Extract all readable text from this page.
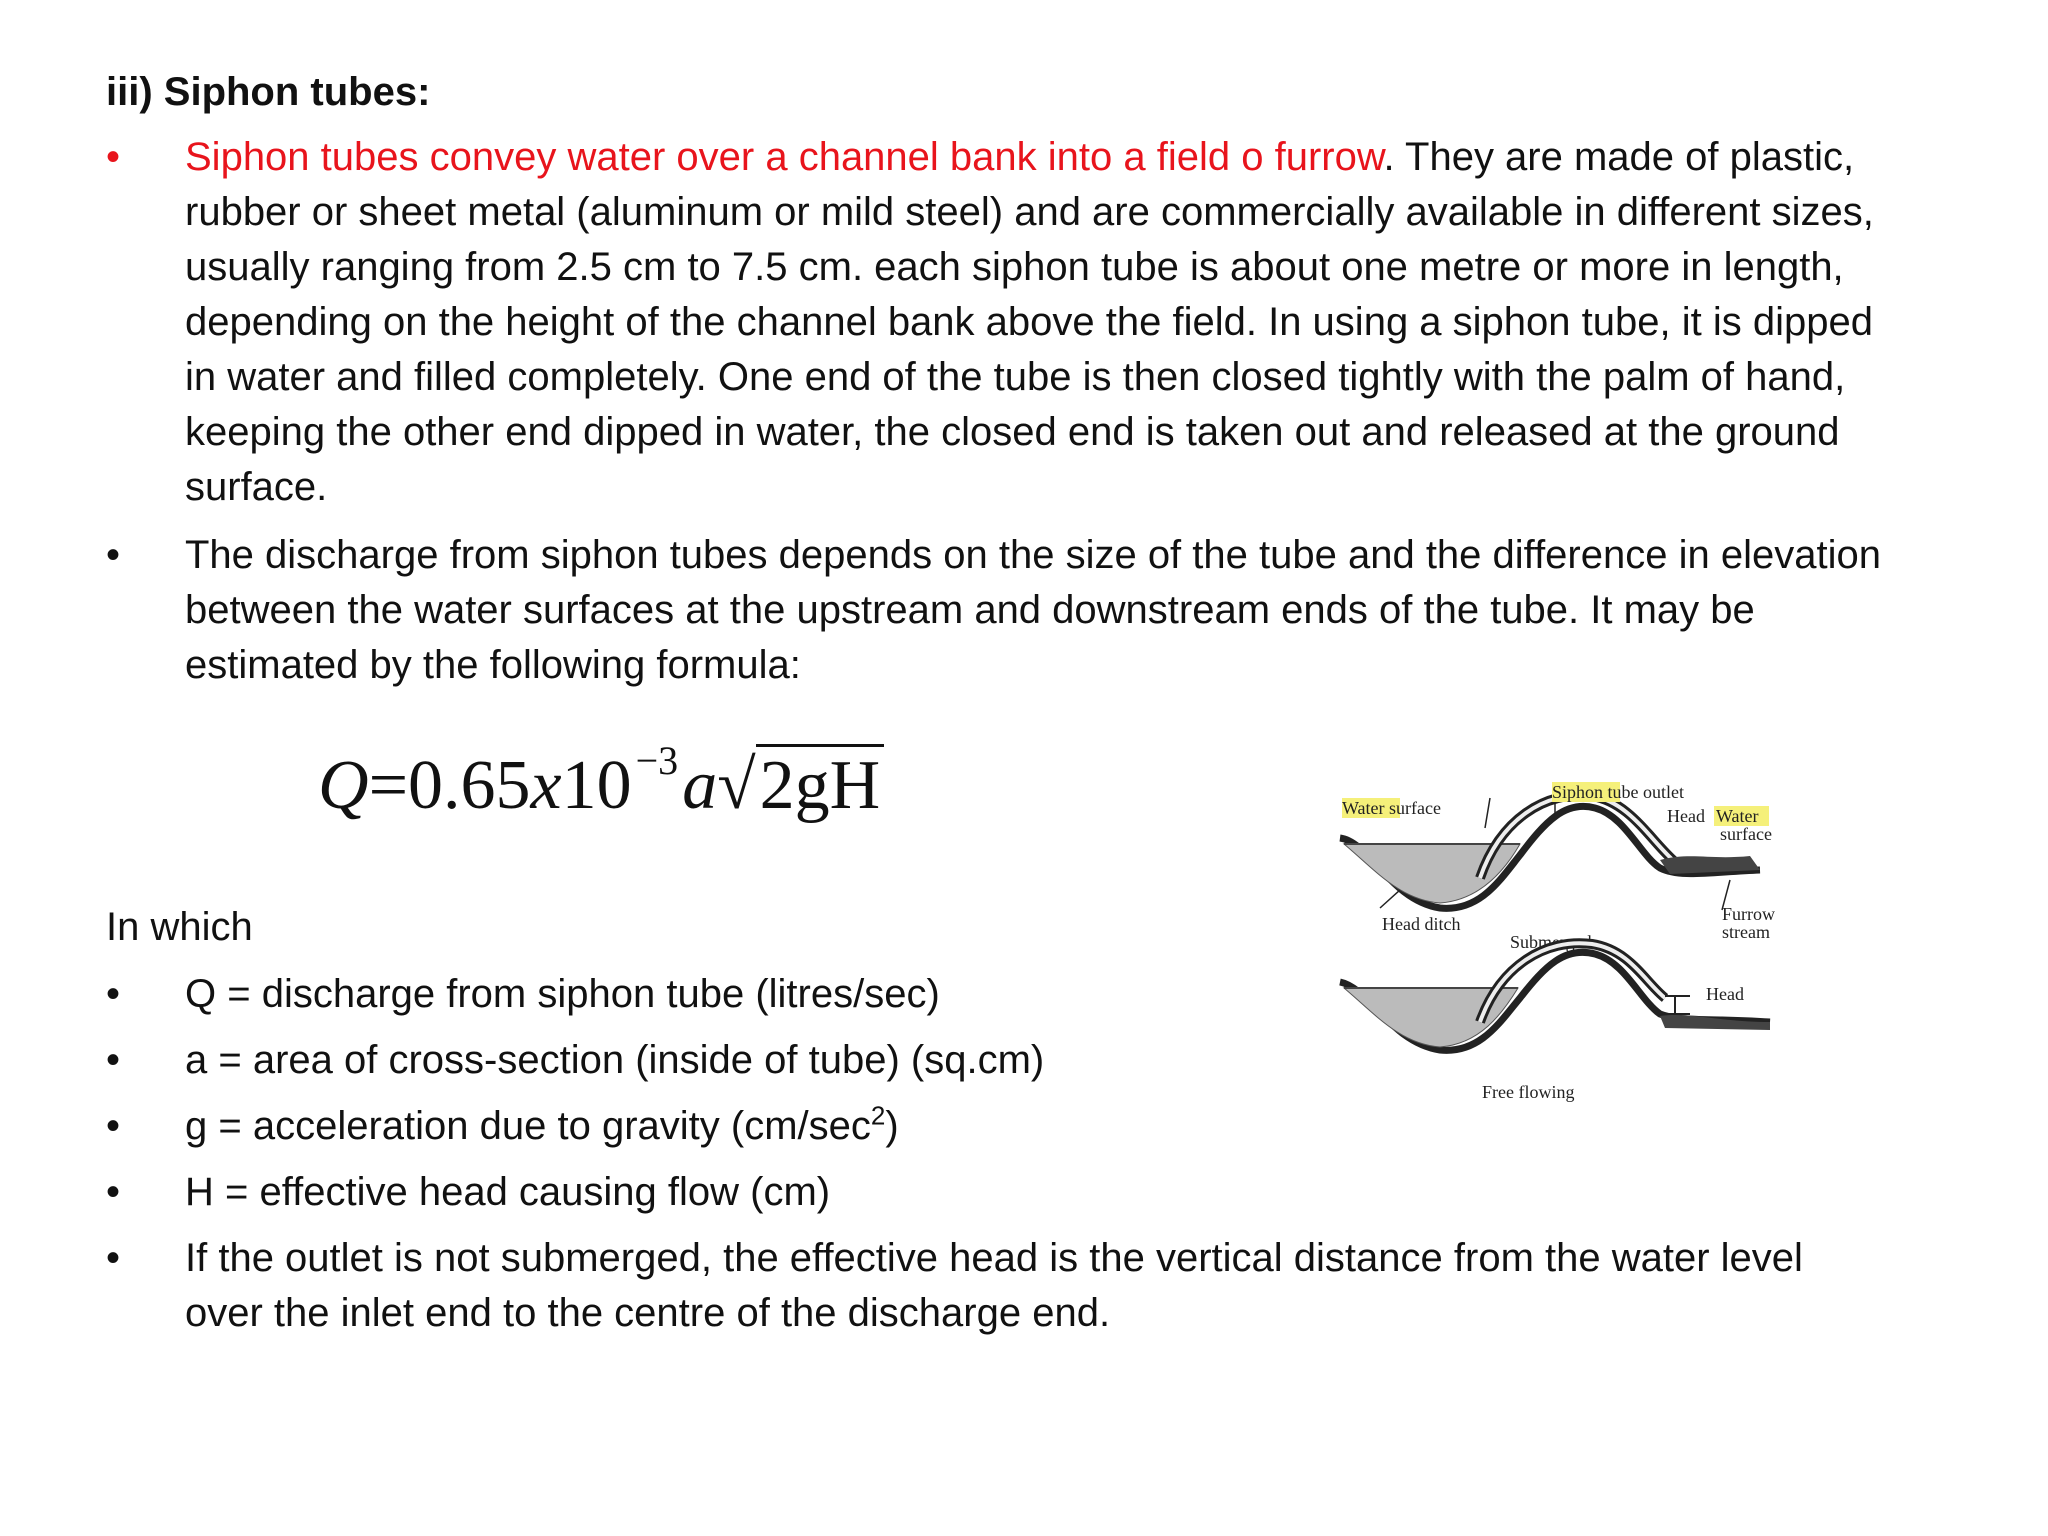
iii) Siphon tubes:
• Siphon tubes convey water over a channel bank into a field o furrow. They are made of plastic,
rubber or sheet metal (aluminum or mild steel) and are commercially available in different sizes,
usually ranging from 2.5 cm to 7.5 cm. each siphon tube is about one metre or more in length,
depending on the height of the channel bank above the field. In using a siphon tube, it is dipped
in water and filled completely. One end of the tube is then closed tightly with the palm of hand,
keeping the other end dipped in water, the closed end is taken out and released at the ground
surface.
• The discharge from siphon tubes depends on the size of the tube and the difference in elevation
between the water surfaces at the upstream and downstream ends of the tube. It may be
estimated by the following formula:
Q=0.65x10 $^{-3}$a√2gH
In which
• Q = discharge from siphon tube (litres/sec)
• a = area of cross-section (inside of tube) (sq.cm)
• g = acceleration due to gravity $(cm/\sec^2)$
• H = effective head causing flow (cm)
• If the outlet is not submerged, the effective head is the vertical distance from the water level
over the inlet end to the centre of the discharge end.
Water surface
Siphon tube outlet
Head Water
surface
Head ditch
Submerged
Furrow
stream
Head
Free flowing
